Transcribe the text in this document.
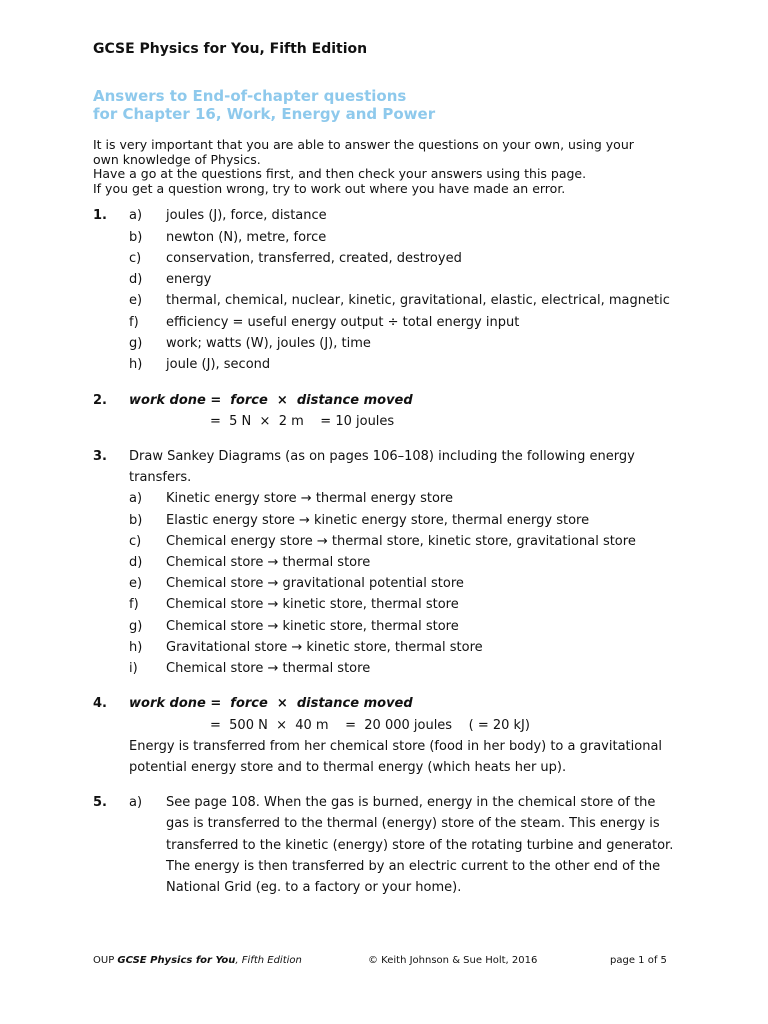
GCSE Physics for You, Fifth Edition
Answers to End-of-chapter questions
for Chapter 16, Work, Energy and Power
It is very important that you are able to answer the questions on your own, using your
own knowledge of Physics.
Have a go at the questions first, and then check your answers using this page.
If you get a question wrong, try to work out where you have made an error.
1. a) joules (J), force, distance
b) newton (N), metre, force
c) conservation, transferred, created, destroyed
d) energy
e) thermal, chemical, nuclear, kinetic, gravitational, elastic, electrical, magnetic
f) efficiency = useful energy output ÷ total energy input
g) work; watts (W), joules (J), time
h) joule (J), second
2. work done =  force  ×  distance moved
=  5 N  ×  2 m    = 10 joules
3. Draw Sankey Diagrams (as on pages 106–108) including the following energy
transfers.
a) Kinetic energy store → thermal energy store
b) Elastic energy store → kinetic energy store, thermal energy store
c) Chemical energy store → thermal store, kinetic store, gravitational store
d) Chemical store → thermal store
e) Chemical store → gravitational potential store
f) Chemical store → kinetic store, thermal store
g) Chemical store → kinetic store, thermal store
h) Gravitational store → kinetic store, thermal store
i) Chemical store → thermal store
4. work done =  force  ×  distance moved
=  500 N  ×  40 m    =  20 000 joules    ( = 20 kJ)
Energy is transferred from her chemical store (food in her body) to a gravitational
potential energy store and to thermal energy (which heats her up).
5. a) See page 108. When the gas is burned, energy in the chemical store of the
gas is transferred to the thermal (energy) store of the steam. This energy is
transferred to the kinetic (energy) store of the rotating turbine and generator.
The energy is then transferred by an electric current to the other end of the
National Grid (eg. to a factory or your home).
OUP GCSE Physics for You, Fifth Edition	© Keith Johnson & Sue Holt, 2016	page 1 of 5
